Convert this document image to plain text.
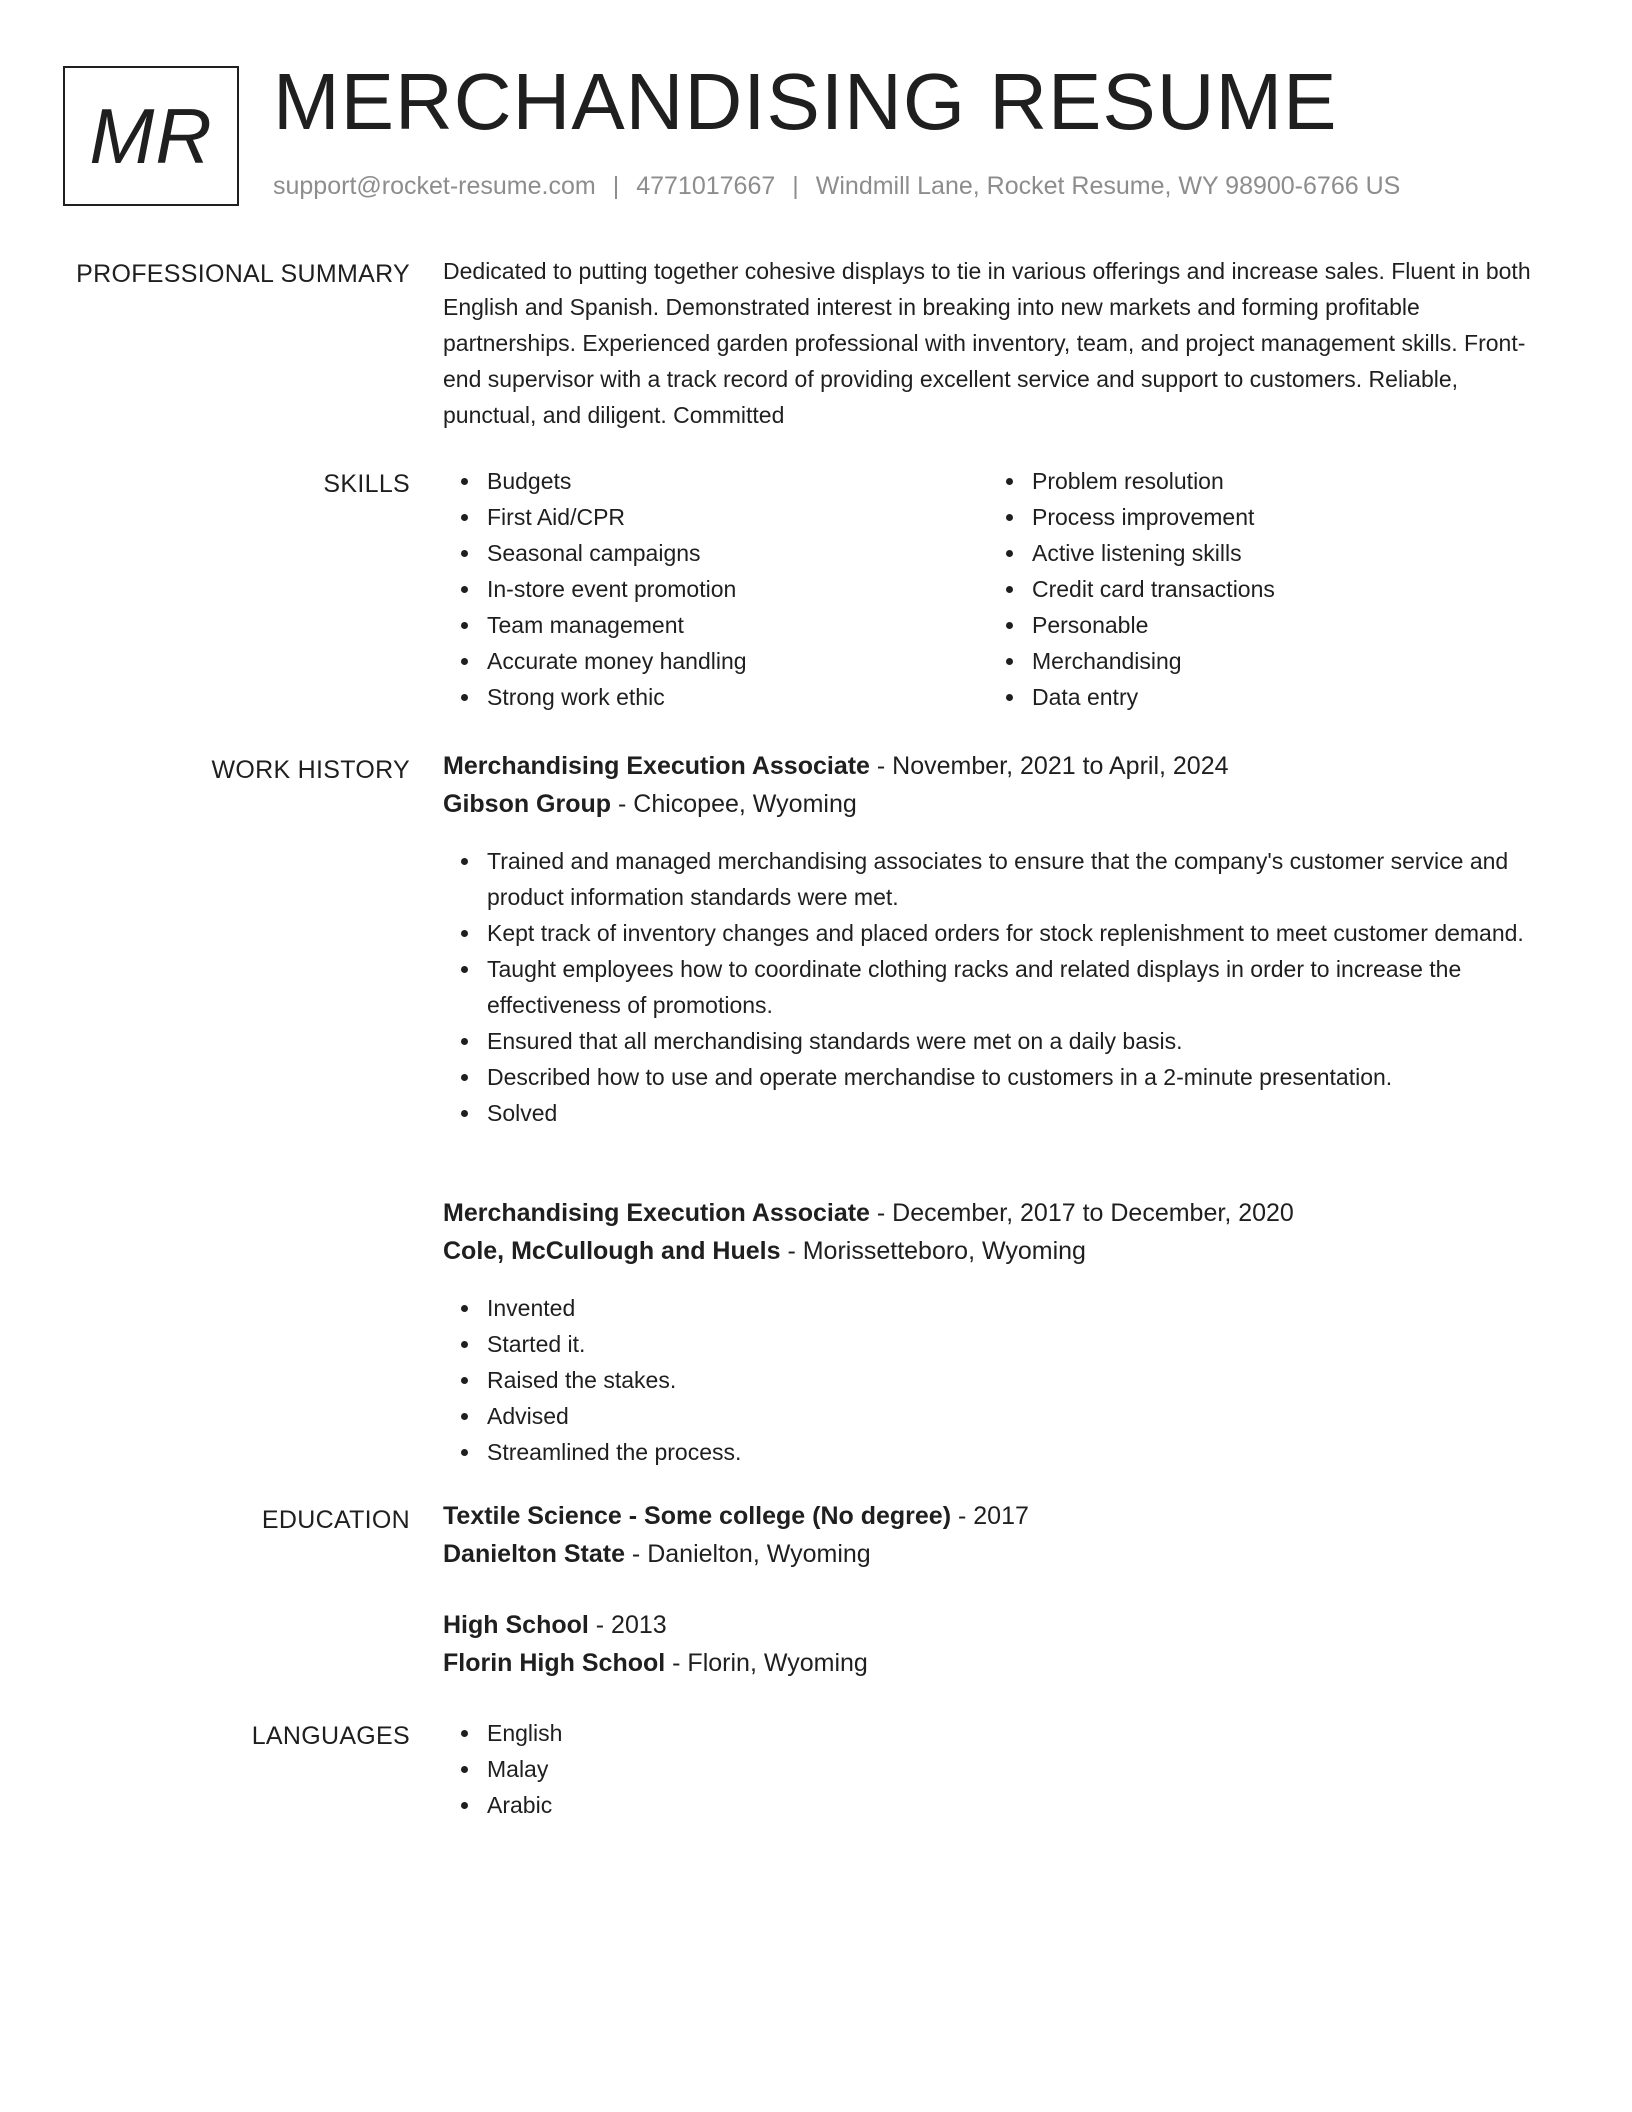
MR MERCHANDISING RESUME
support@rocket-resume.com | 4771017667 | Windmill Lane, Rocket Resume, WY 98900-6766 US
PROFESSIONAL SUMMARY Dedicated to putting together cohesive displays to tie in various offerings and increase sales. Fluent in both English and Spanish. Demonstrated interest in breaking into new markets and forming profitable partnerships. Experienced garden professional with inventory, team, and project management skills. Front-end supervisor with a track record of providing excellent service and support to customers. Reliable, punctual, and diligent. Committed

SKILLS	Budgets
First Aid/CPR
Seasonal campaigns
In-store event promotion
Team management
Accurate money handling
Strong work ethic
Problem resolution
Process improvement
Active listening skills
Credit card transactions
Personable
Merchandising
Data entry
WORK HISTORY Merchandising Execution Associate - November, 2021 to April, 2024
Gibson Group - Chicopee, Wyoming
Trained and managed merchandising associates to ensure that the company's customer service and product information standards were met.
Kept track of inventory changes and placed orders for stock replenishment to meet customer demand.
Taught employees how to coordinate clothing racks and related displays in order to increase the effectiveness of promotions.
Ensured that all merchandising standards were met on a daily basis.
Described how to use and operate merchandise to customers in a 2-minute presentation.
Solved
Merchandising Execution Associate - December, 2017 to December, 2020
Cole, McCullough and Huels - Morissetteboro, Wyoming
Invented
Started it.
Raised the stakes.
Advised
Streamlined the process.
EDUCATION Textile Science - Some college (No degree) - 2017
Danielton State - Danielton, Wyoming
High School - 2013
Florin High School - Florin, Wyoming
LANGUAGES	English
Malay
Arabic
